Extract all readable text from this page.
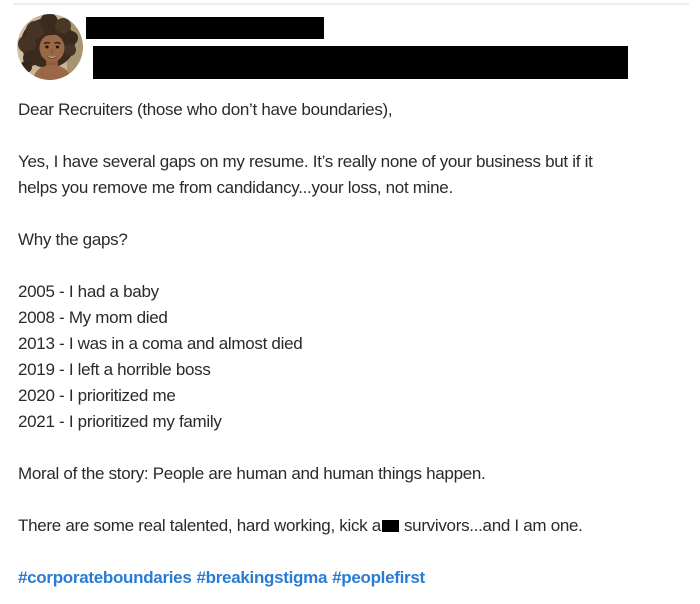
Dear Recruiters (those who don’t have boundaries),
Yes, I have several gaps on my resume. It’s really none of your business but if it
helps you remove me from candidancy...your loss, not mine.
Why the gaps?
2005 - I had a baby
2008 - My mom died
2013 - I was in a coma and almost died
2019 - I left a horrible boss
2020 - I prioritized me
2021 - I prioritized my family
Moral of the story: People are human and human things happen.
There are some real talented, hard working, kick a survivors...and I am one.
#corporateboundaries #breakingstigma #peoplefirst
